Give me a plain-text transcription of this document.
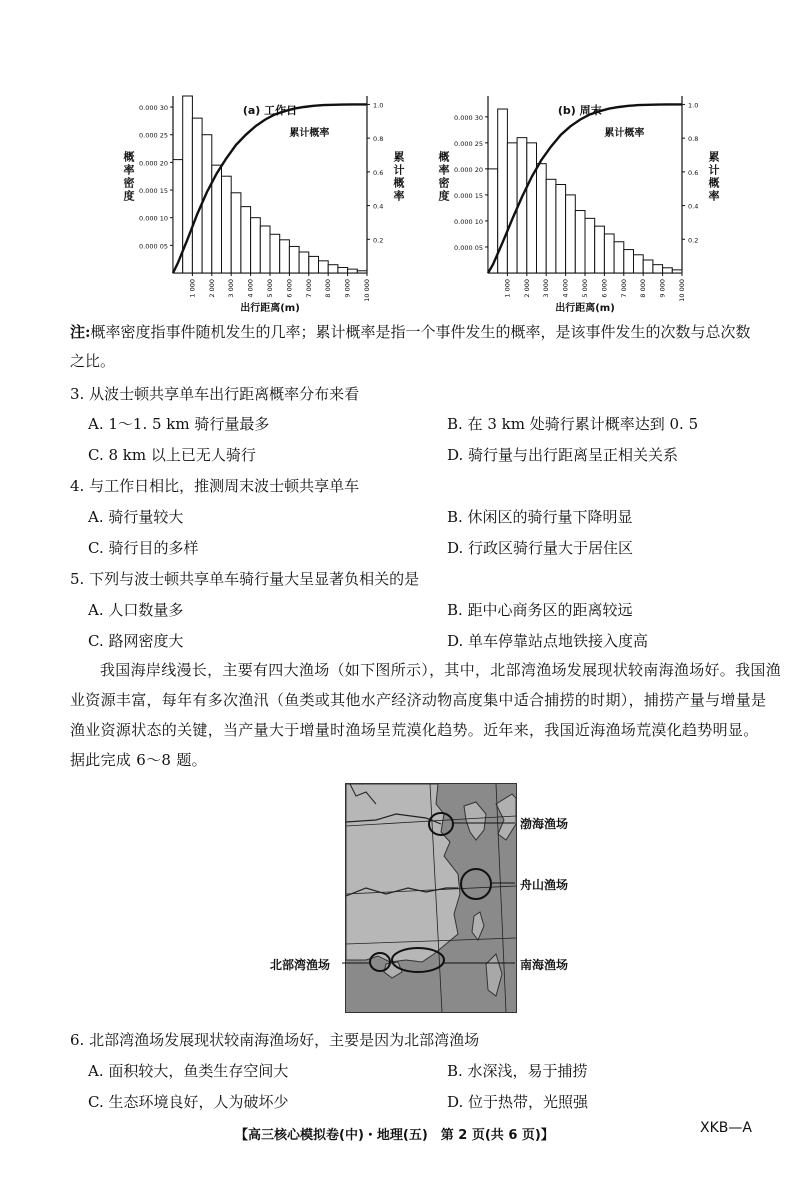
0.000 30
0.000 25
0.000 20
0.000 15
0.000 10
0.000 05
1.0
0.8
0.6
0.4
0.2
1 000 2 000 3 000 4 000 5 000 6 000 7 000 8 000 9 000 10 000
(a) 工作日
累计概率
出行距离(m)
概率密度
累计概率
0.000 30
0.000 25
0.000 20
0.000 15
0.000 10
0.000 05
1.0
0.8
0.6
0.4
0.2
1 000 2 000 3 000 4 000 5 000 6 000 7 000 8 000 9 000 10 000
(b) 周末
累计概率
出行距离(m)
概率密度
累计概率
注:概率密度指事件随机发生的几率；累计概率是指一个事件发生的概率，是该事件发生的次数与总次数
之比。
3. 从波士顿共享单车出行距离概率分布来看
A. 1～1. 5 km 骑行量最多	B. 在 3 km 处骑行累计概率达到 0. 5
C. 8 km 以上已无人骑行	D. 骑行量与出行距离呈正相关关系
4. 与工作日相比，推测周末波士顿共享单车
A. 骑行量较大	B. 休闲区的骑行量下降明显
C. 骑行目的多样	D. 行政区骑行量大于居住区
5. 下列与波士顿共享单车骑行量大呈显著负相关的是
A. 人口数量多	B. 距中心商务区的距离较远
C. 路网密度大	D. 单车停靠站点地铁接入度高
我国海岸线漫长，主要有四大渔场（如下图所示），其中，北部湾渔场发展现状较南海渔场好。我国渔
业资源丰富，每年有多次渔汛（鱼类或其他水产经济动物高度集中适合捕捞的时期），捕捞产量与增量是
渔业资源状态的关键，当产量大于增量时渔场呈荒漠化趋势。近年来，我国近海渔场荒漠化趋势明显。
据此完成 6～8 题。
渤海渔场
舟山渔场
北部湾渔场	南海渔场
6. 北部湾渔场发展现状较南海渔场好，主要是因为北部湾渔场
A. 面积较大，鱼类生存空间大	B. 水深浅，易于捕捞
C. 生态环境良好，人为破坏少	D. 位于热带，光照强
【高三核心模拟卷(中)・地理(五)　第 2 页(共 6 页)】	XKB—A
